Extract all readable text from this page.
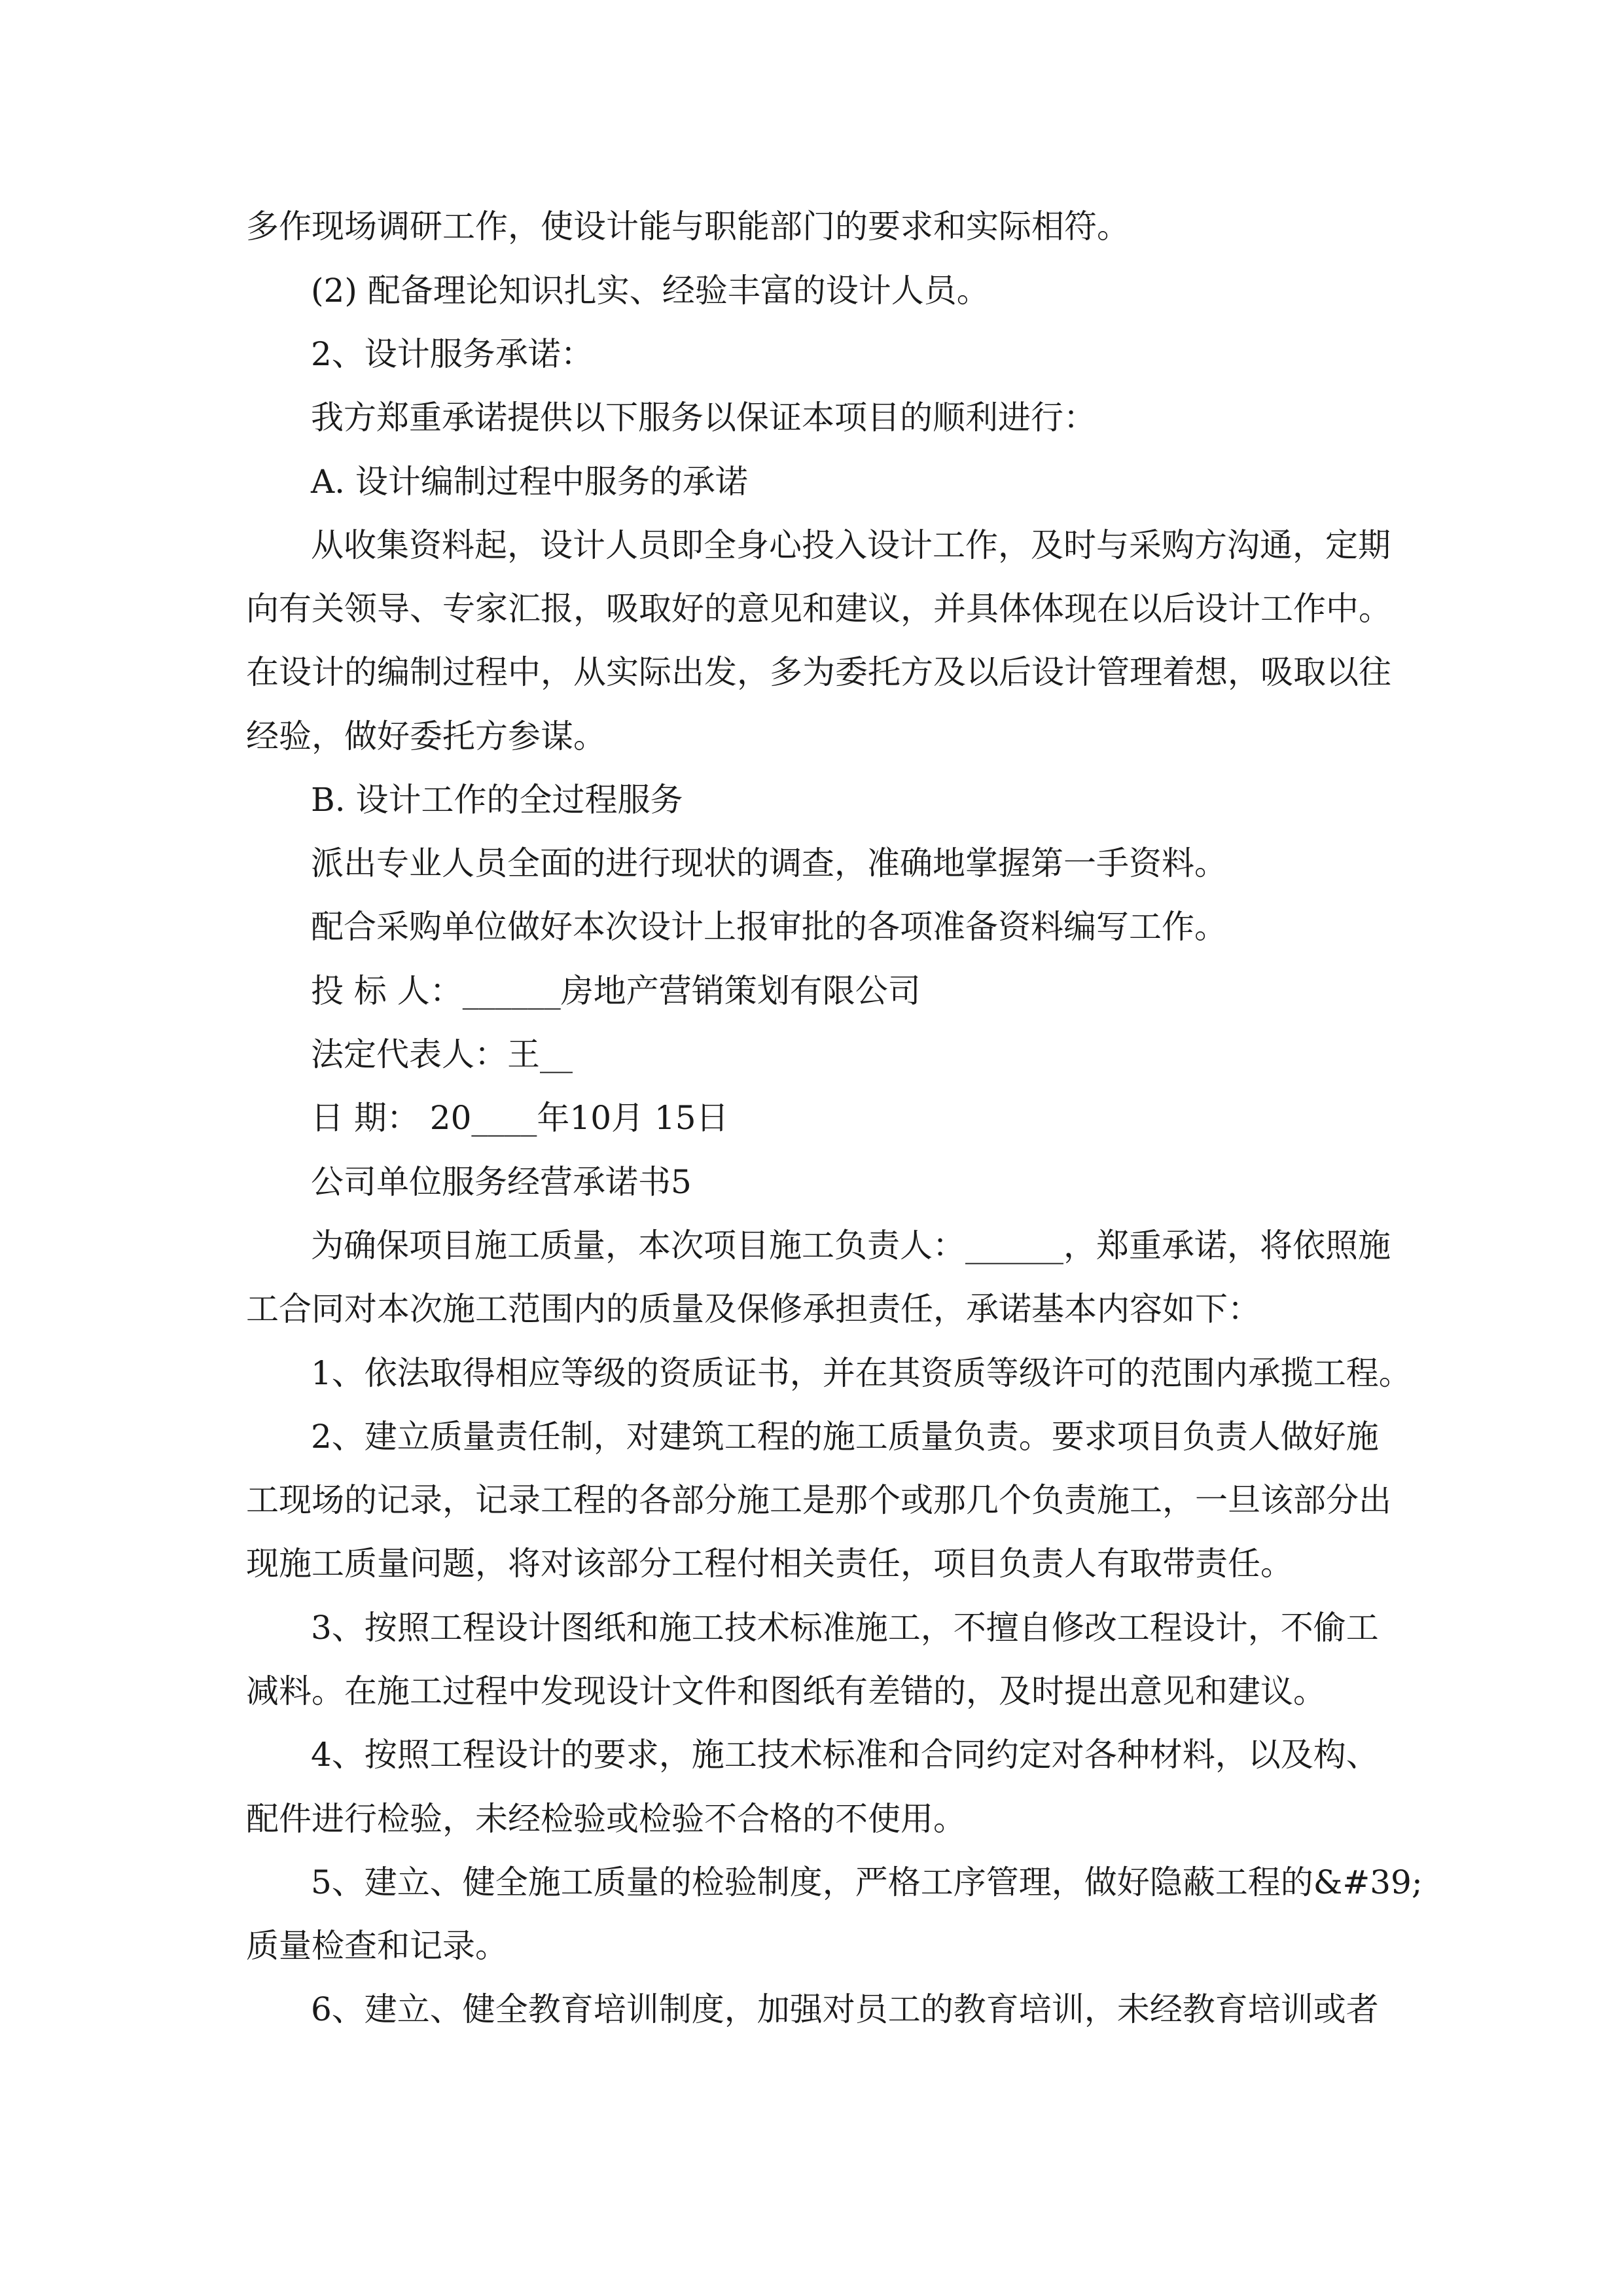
多作现场调研工作，使设计能与职能部门的要求和实际相符。

(2) 配备理论知识扎实、经验丰富的设计人员。

2、设计服务承诺：

我方郑重承诺提供以下服务以保证本项目的顺利进行：

A. 设计编制过程中服务的承诺

从收集资料起，设计人员即全身心投入设计工作，及时与采购方沟通，定期

向有关领导、专家汇报，吸取好的意见和建议，并具体体现在以后设计工作中。

在设计的编制过程中，从实际出发，多为委托方及以后设计管理着想，吸取以往

经验，做好委托方参谋。

B. 设计工作的全过程服务

派出专业人员全面的进行现状的调查，准确地掌握第一手资料。

配合采购单位做好本次设计上报审批的各项准备资料编写工作。

投 标 人：______房地产营销策划有限公司

法定代表人：王__

日 期： 20____年10月 15日

公司单位服务经营承诺书5

为确保项目施工质量，本次项目施工负责人：______，郑重承诺，将依照施

工合同对本次施工范围内的质量及保修承担责任，承诺基本内容如下：

1、依法取得相应等级的资质证书，并在其资质等级许可的范围内承揽工程。

2、建立质量责任制，对建筑工程的施工质量负责。要求项目负责人做好施

工现场的记录，记录工程的各部分施工是那个或那几个负责施工，一旦该部分出

现施工质量问题，将对该部分工程付相关责任，项目负责人有取带责任。

3、按照工程设计图纸和施工技术标准施工，不擅自修改工程设计，不偷工

减料。在施工过程中发现设计文件和图纸有差错的，及时提出意见和建议。

4、按照工程设计的要求，施工技术标准和合同约定对各种材料，以及构、

配件进行检验，未经检验或检验不合格的不使用。

5、建立、健全施工质量的检验制度，严格工序管理，做好隐蔽工程的&#39;

质量检查和记录。

6、建立、健全教育培训制度，加强对员工的教育培训，未经教育培训或者
